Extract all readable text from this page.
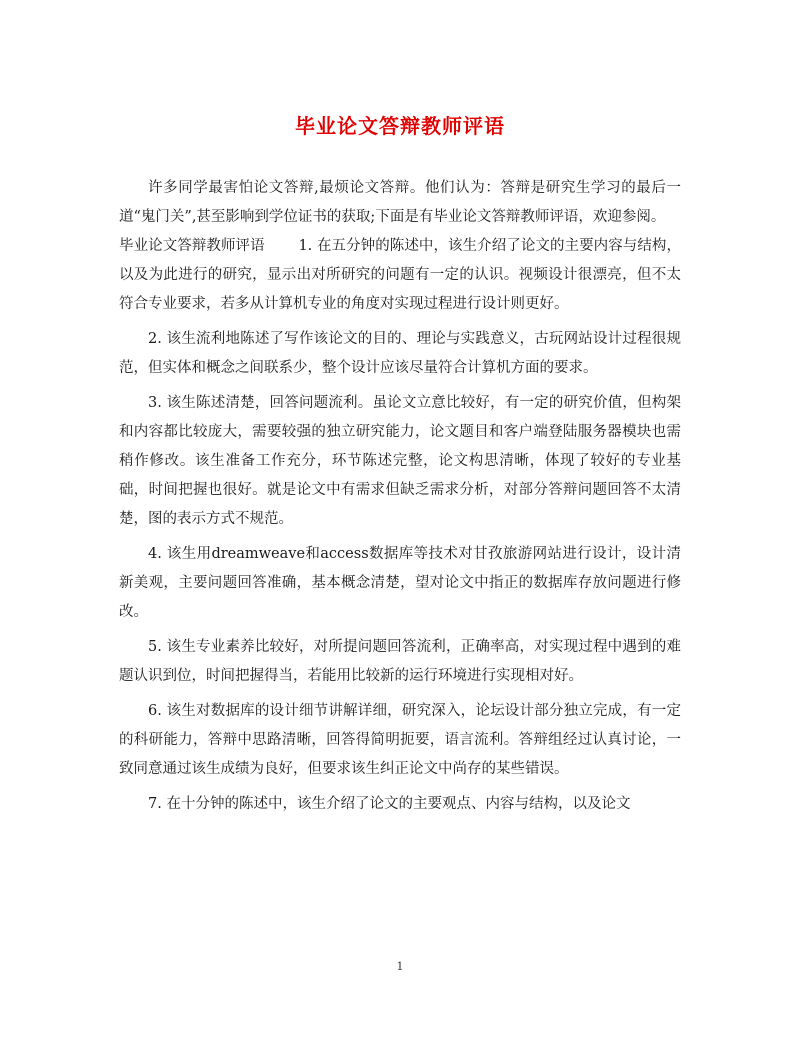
毕业论文答辩教师评语

许多同学最害怕论文答辩,最烦论文答辩。他们认为：答辩是研究生学习的最后一道“鬼门关”,甚至影响到学位证书的获取;下面是有毕业论文答辩教师评语，欢迎参阅。

毕业论文答辩教师评语　　 1. 在五分钟的陈述中，该生介绍了论文的主要内容与结构，以及为此进行的研究，显示出对所研究的问题有一定的认识。视频设计很漂亮，但不太符合专业要求，若多从计算机专业的角度对实现过程进行设计则更好。

2. 该生流利地陈述了写作该论文的目的、理论与实践意义，古玩网站设计过程很规范，但实体和概念之间联系少，整个设计应该尽量符合计算机方面的要求。

3. 该生陈述清楚，回答问题流利。虽论文立意比较好，有一定的研究价值，但构架和内容都比较庞大，需要较强的独立研究能力，论文题目和客户端登陆服务器模块也需稍作修改。该生准备工作充分，环节陈述完整，论文构思清晰，体现了较好的专业基础，时间把握也很好。就是论文中有需求但缺乏需求分析，对部分答辩问题回答不太清楚，图的表示方式不规范。

4. 该生用dreamweave和access数据库等技术对甘孜旅游网站进行设计，设计清新美观，主要问题回答准确，基本概念清楚，望对论文中指正的数据库存放问题进行修改。

5. 该生专业素养比较好，对所提问题回答流利，正确率高，对实现过程中遇到的难题认识到位，时间把握得当，若能用比较新的运行环境进行实现相对好。

6. 该生对数据库的设计细节讲解详细，研究深入，论坛设计部分独立完成，有一定的科研能力，答辩中思路清晰，回答得简明扼要，语言流利。答辩组经过认真讨论，一致同意通过该生成绩为良好，但要求该生纠正论文中尚存的某些错误。

7. 在十分钟的陈述中，该生介绍了论文的主要观点、内容与结构，以及论文

1
